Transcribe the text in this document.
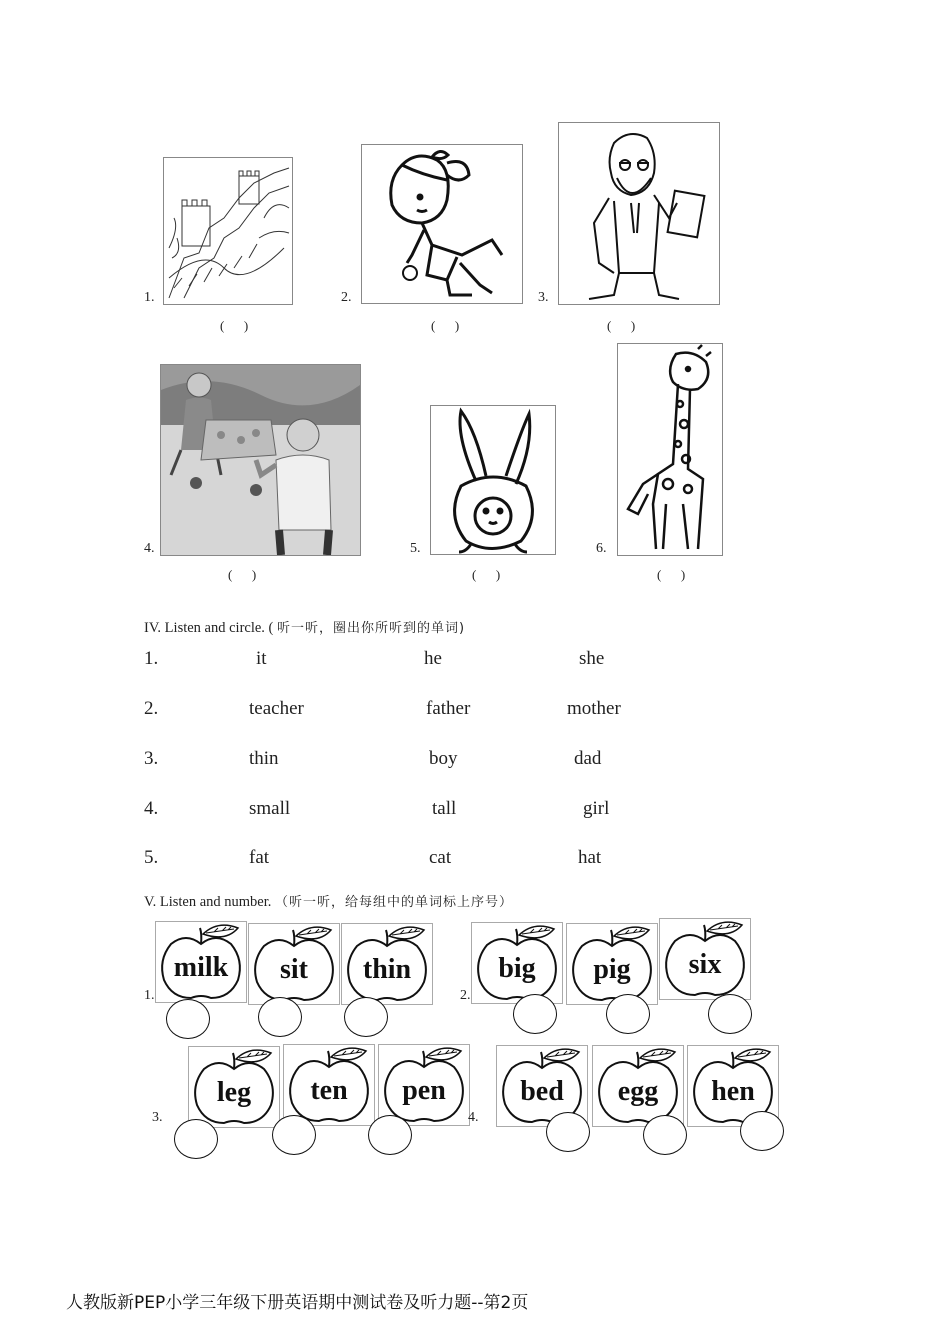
1.
(      )
2.
(      )
3.
(      )
4.
(      )
5.
(      )
6.
(      )
IV. Listen and circle. ( 听一听，圈出你所听到的单词)
1.	it	he	she
2.	teacher	father	mother
3.	thin	boy	dad
4.	small	tall	girl
5.	fat	cat	hat
V. Listen and number. （听一听，给每组中的单词标上序号）
1.
milk	sit	thin
2.
big	pig	six
3.
leg	ten	pen
4.
bed	egg	hen
人教版新PEP小学三年级下册英语期中测试卷及听力题--第2页
